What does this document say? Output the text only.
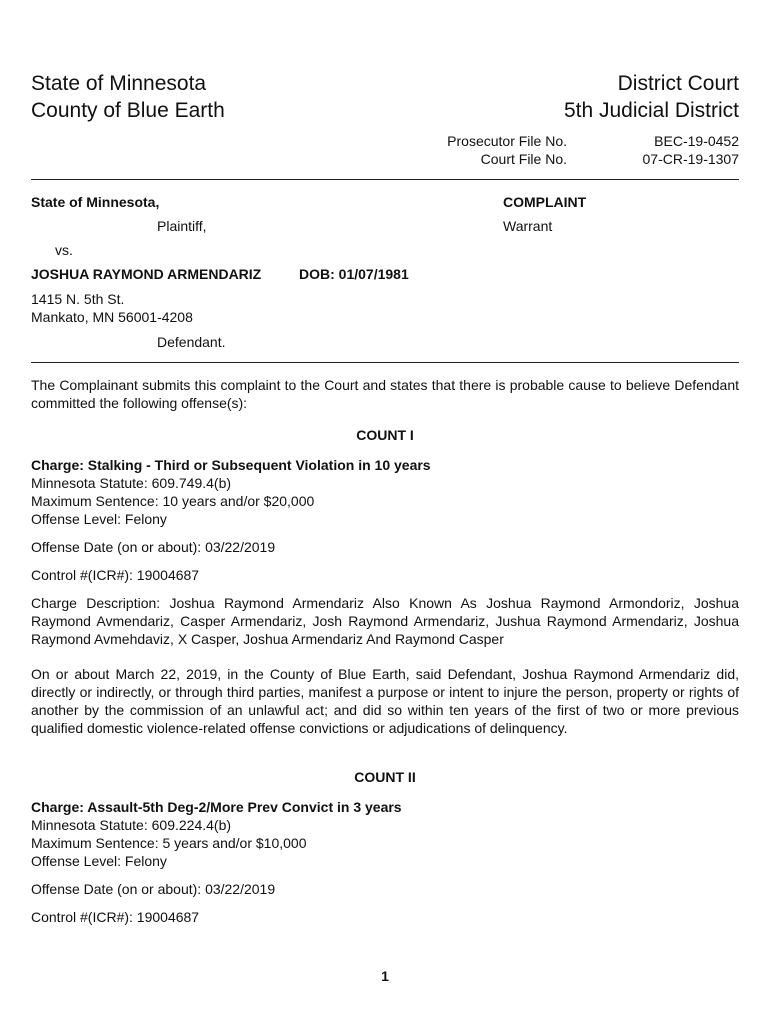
State of Minnesota
County of Blue Earth
District Court
5th Judicial District
Prosecutor File No.	BEC-19-0452
Court File No.	07-CR-19-1307
State of Minnesota,
Plaintiff,
vs.
JOSHUA RAYMOND ARMENDARIZ	DOB: 01/07/1981
1415 N. 5th St.
Mankato, MN 56001-4208
Defendant.
COMPLAINT
Warrant
The Complainant submits this complaint to the Court and states that there is probable cause to believe Defendant committed the following offense(s):
COUNT I
Charge: Stalking - Third or Subsequent Violation in 10 years
Minnesota Statute: 609.749.4(b)
Maximum Sentence: 10 years and/or $20,000
Offense Level: Felony
Offense Date (on or about): 03/22/2019
Control #(ICR#): 19004687
Charge Description: Joshua Raymond Armendariz Also Known As Joshua Raymond Armondoriz, Joshua Raymond Avmendariz, Casper Armendariz, Josh Raymond Armendariz, Jushua Raymond Armendariz, Joshua Raymond Avmehdaviz, X Casper, Joshua Armendariz And Raymond Casper
On or about March 22, 2019, in the County of Blue Earth, said Defendant, Joshua Raymond Armendariz did, directly or indirectly, or through third parties, manifest a purpose or intent to injure the person, property or rights of another by the commission of an unlawful act; and did so within ten years of the first of two or more previous qualified domestic violence-related offense convictions or adjudications of delinquency.
COUNT II
Charge: Assault-5th Deg-2/More Prev Convict in 3 years
Minnesota Statute: 609.224.4(b)
Maximum Sentence: 5 years and/or $10,000
Offense Level: Felony
Offense Date (on or about): 03/22/2019
Control #(ICR#): 19004687
1
